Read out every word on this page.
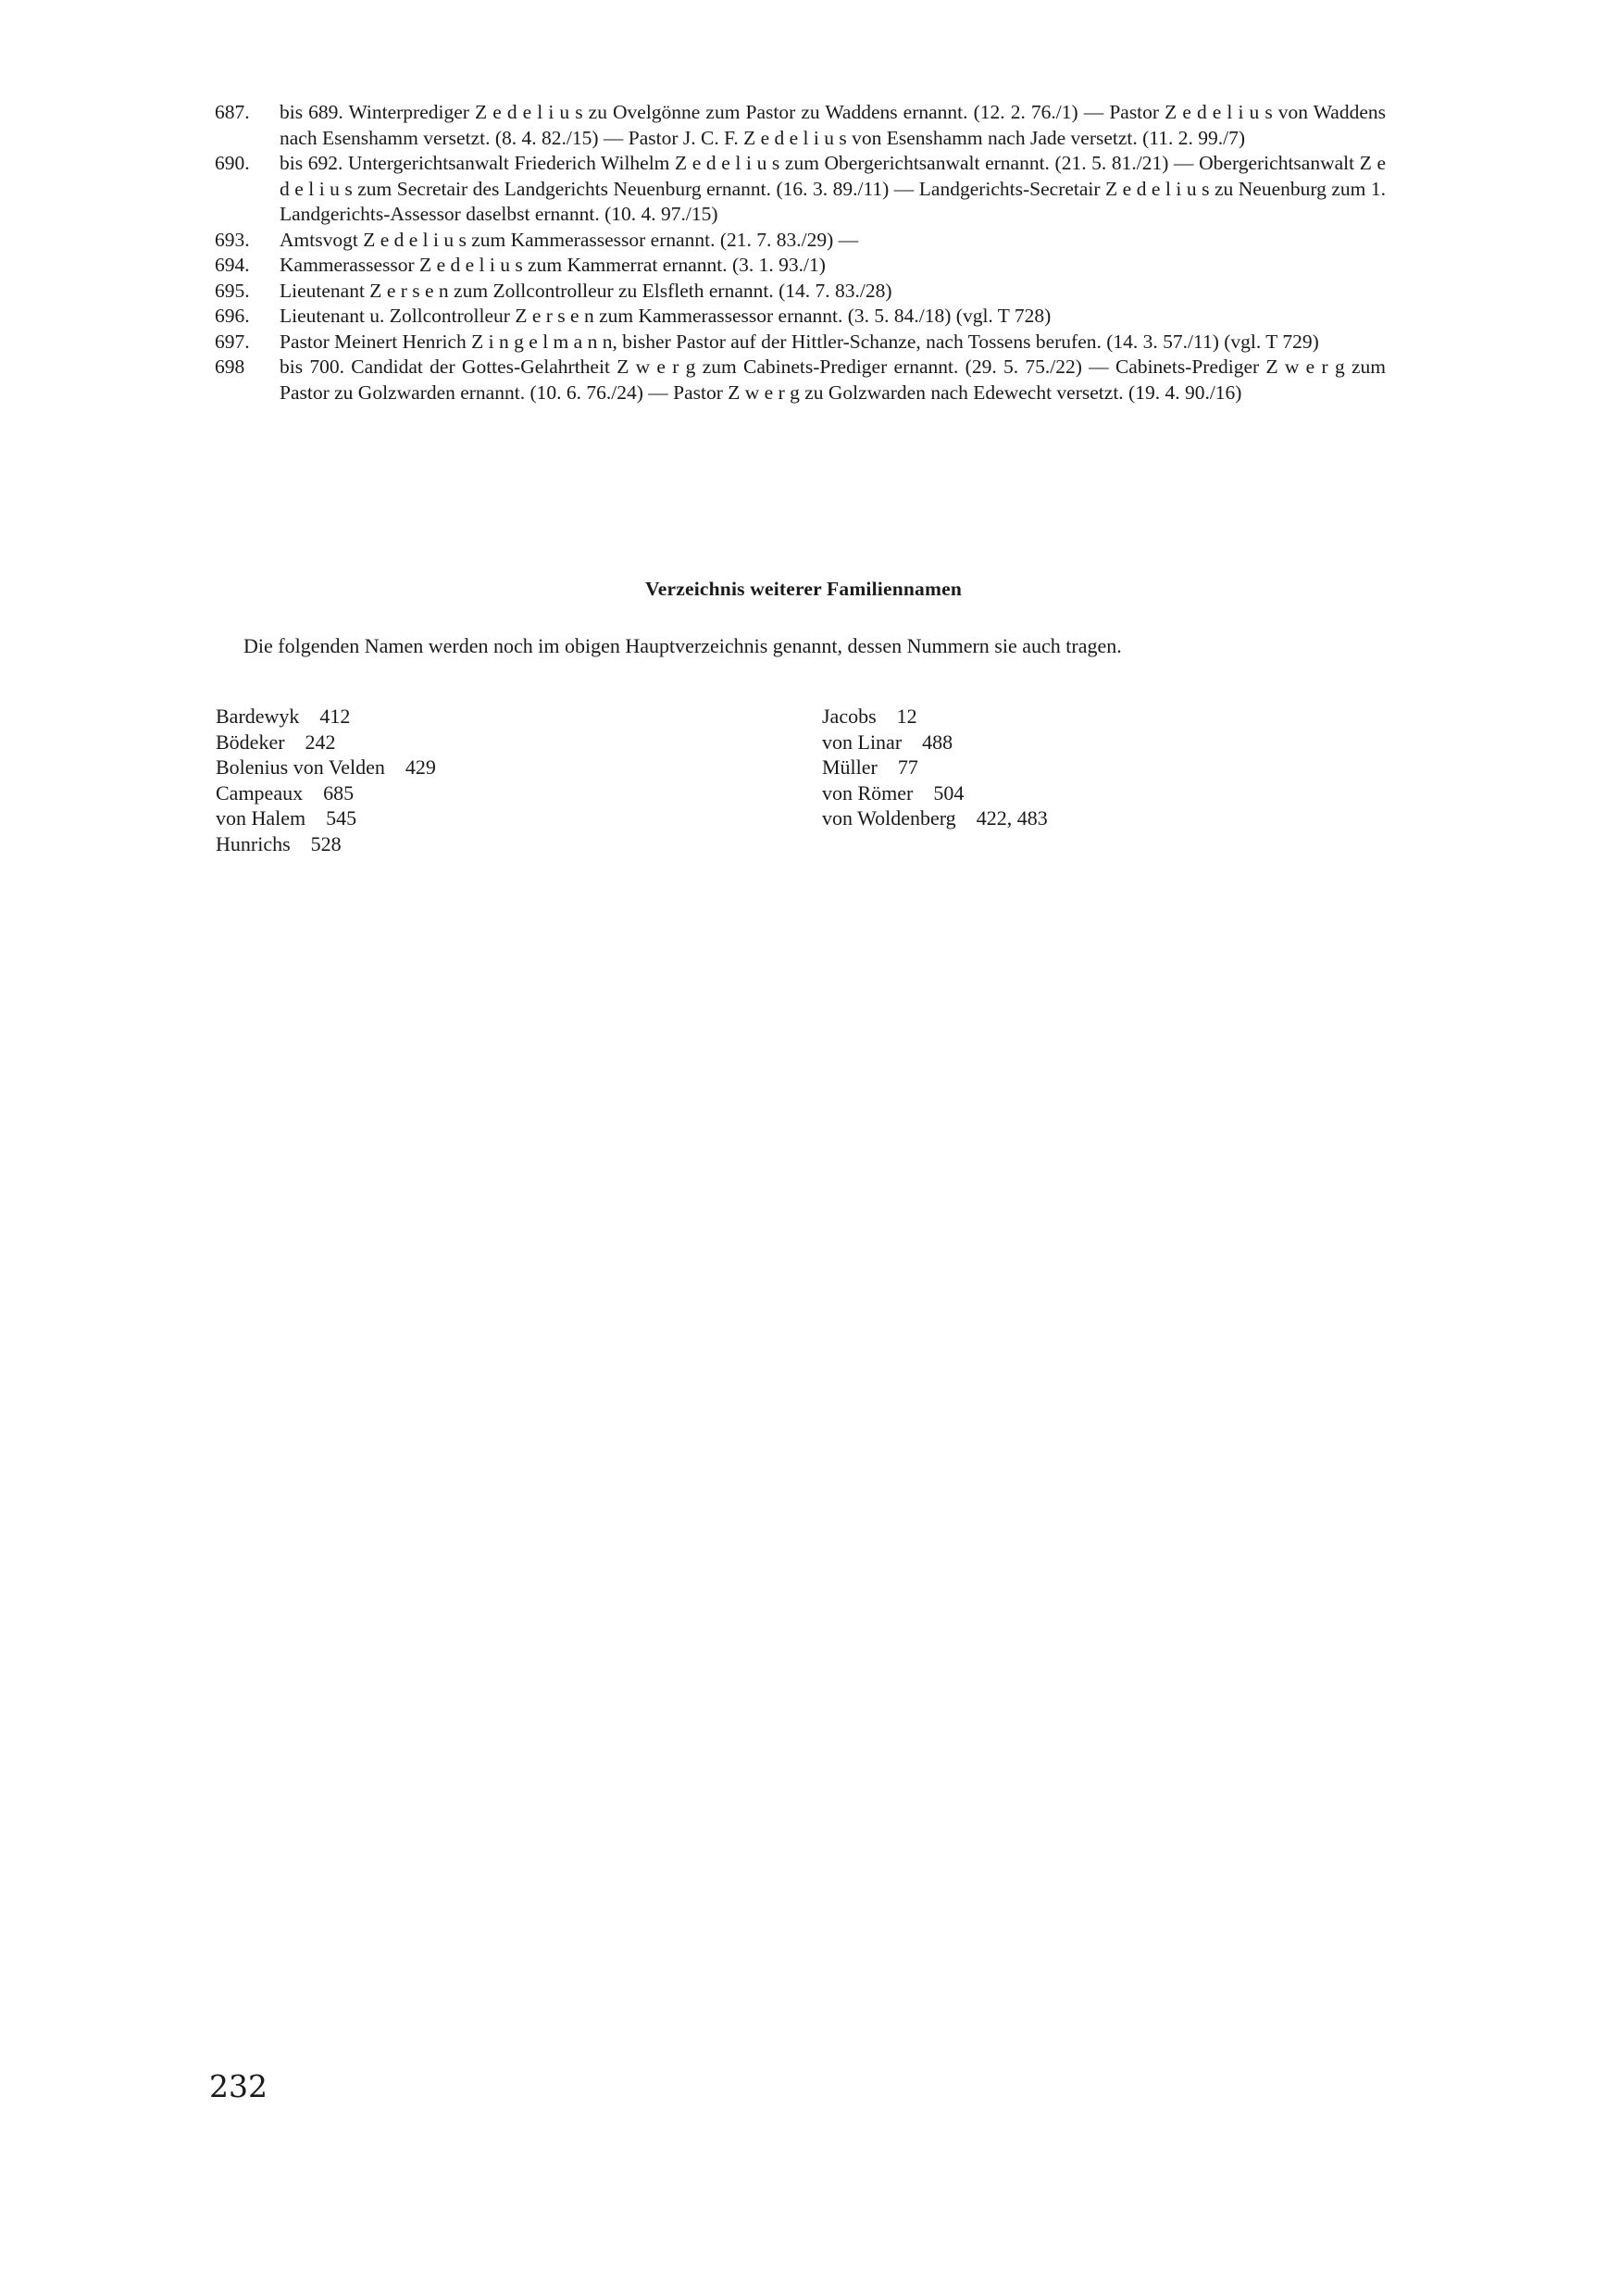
687.	bis 689. Winterprediger Z e d e l i u s zu Ovelgönne zum Pastor zu Waddens ernannt. (12. 2. 76./1) — Pastor Z e d e l i u s von Waddens nach Esenshamm versetzt. (8. 4. 82./15) — Pastor J. C. F. Z e d e l i u s von Esenshamm nach Jade versetzt. (11. 2. 99./7)
690.	bis 692. Untergerichtsanwalt Friederich Wilhelm Z e d e l i u s zum Obergerichtsanwalt ernannt. (21. 5. 81./21) — Obergerichtsanwalt Z e d e l i u s zum Secretair des Landgerichts Neuenburg ernannt. (16. 3. 89./11) — Landgerichts-Secretair Z e d e l i u s zu Neuenburg zum 1. Landgerichts-Assessor daselbst ernannt. (10. 4. 97./15)
693.	Amtsvogt Z e d e l i u s zum Kammerassessor ernannt. (21. 7. 83./29) —
694.	Kammerassessor Z e d e l i u s zum Kammerrat ernannt. (3. 1. 93./1)
695.	Lieutenant Z e r s e n zum Zollcontrolleur zu Elsfleth ernannt. (14. 7. 83./28)
696.	Lieutenant u. Zollcontrolleur Z e r s e n zum Kammerassessor ernannt. (3. 5. 84./18) (vgl. T 728)
697.	Pastor Meinert Henrich Z i n g e l m a n n, bisher Pastor auf der Hittler-Schanze, nach Tossens berufen. (14. 3. 57./11) (vgl. T 729)
698	bis 700. Candidat der Gottes-Gelahrtheit Z w e r g zum Cabinets-Prediger ernannt. (29. 5. 75./22) — Cabinets-Prediger Z w e r g zum Pastor zu Golzwarden ernannt. (10. 6. 76./24) — Pastor Z w e r g zu Golzwarden nach Edewecht versetzt. (19. 4. 90./16)
Verzeichnis weiterer Familiennamen
Die folgenden Namen werden noch im obigen Hauptverzeichnis genannt, dessen Nummern sie auch tragen.
Bardewyk 412
Bödeker 242
Bolenius von Velden 429
Campeaux 685
von Halem 545
Hunrichs 528
Jacobs 12
von Linar 488
Müller 77
von Römer 504
von Woldenberg 422, 483
232
